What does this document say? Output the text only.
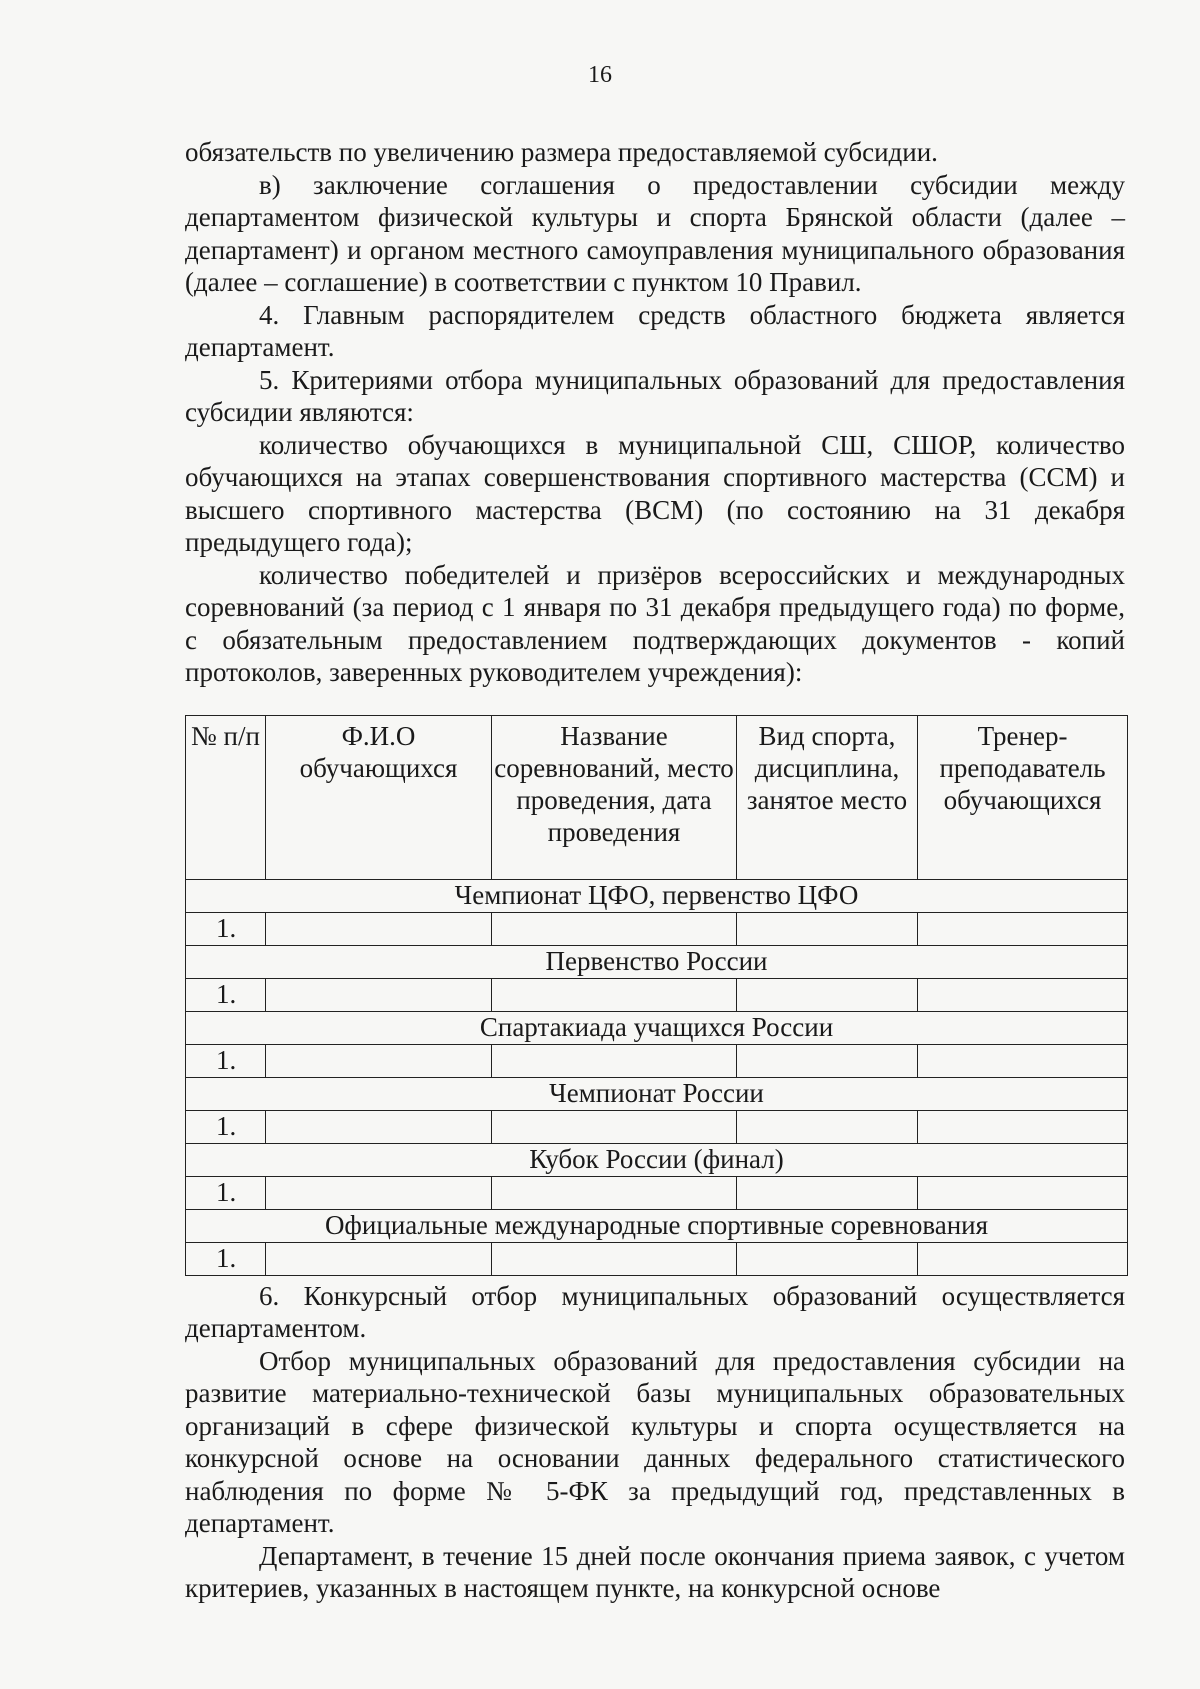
16

обязательств по увеличению размера предоставляемой субсидии.

в) заключение соглашения о предоставлении субсидии между департаментом физической культуры и спорта Брянской области (далее – департамент) и органом местного самоуправления муниципального образования (далее – соглашение) в соответствии с пунктом 10 Правил.

4. Главным распорядителем средств областного бюджета является департамент.

5. Критериями отбора муниципальных образований для предоставления субсидии являются:

количество обучающихся в муниципальной СШ, СШОР, количество обучающихся на этапах совершенствования спортивного мастерства (ССМ) и высшего спортивного мастерства (ВСМ) (по состоянию на 31 декабря предыдущего года);

количество победителей и призёров всероссийских и международных соревнований (за период с 1 января по 31 декабря предыдущего года) по форме, с обязательным предоставлением подтверждающих документов - копий протоколов, заверенных руководителем учреждения):

№ п/п	Ф.И.О обучающихся	Название соревнований, место проведения, дата проведения	Вид спорта, дисциплина, занятое место	Тренер-преподаватель обучающихся
Чемпионат ЦФО, первенство ЦФО				
1.				
Первенство России				
1.				
Спартакиада учащихся России				
1.				
Чемпионат России				
1.				
Кубок России (финал)				
1.				
Официальные международные спортивные соревнования				
1.				

6. Конкурсный отбор муниципальных образований осуществляется департаментом.

Отбор муниципальных образований для предоставления субсидии на развитие материально-технической базы муниципальных образовательных организаций в сфере физической культуры и спорта осуществляется на конкурсной основе на основании данных федерального статистического наблюдения по форме № 5-ФК за предыдущий год, представленных в департамент.

Департамент, в течение 15 дней после окончания приема заявок, с учетом критериев, указанных в настоящем пункте, на конкурсной основе
